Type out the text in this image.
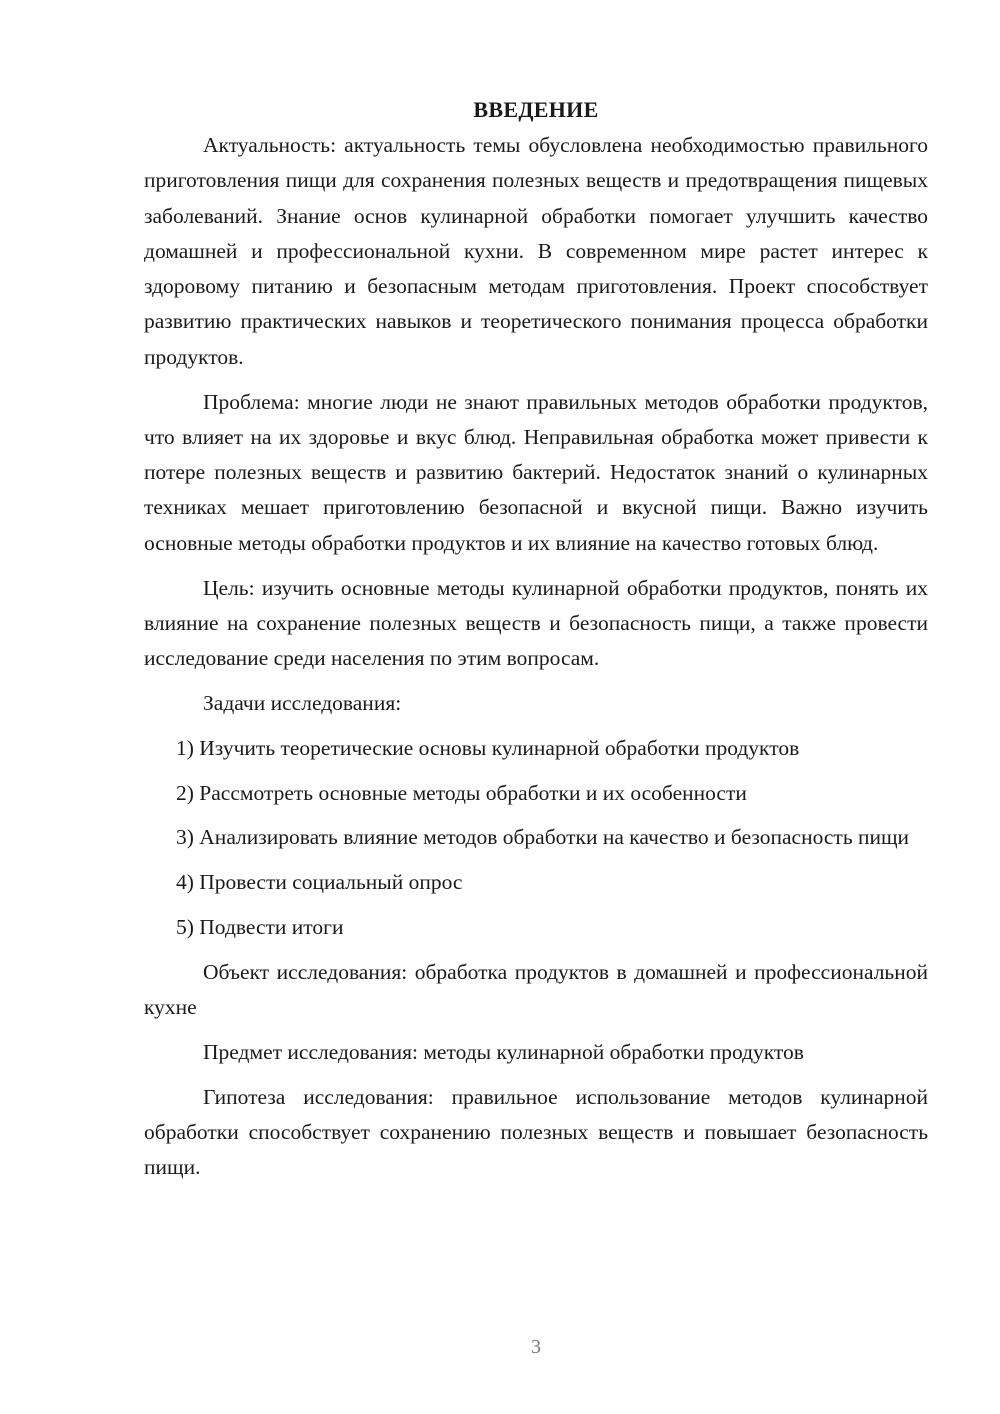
ВВЕДЕНИЕ

Актуальность: актуальность темы обусловлена необходимостью правильного приготовления пищи для сохранения полезных веществ и предотвращения пищевых заболеваний. Знание основ кулинарной обработки помогает улучшить качество домашней и профессиональной кухни. В современном мире растет интерес к здоровому питанию и безопасным методам приготовления. Проект способствует развитию практических навыков и теоретического понимания процесса обработки продуктов.

Проблема: многие люди не знают правильных методов обработки продуктов, что влияет на их здоровье и вкус блюд. Неправильная обработка может привести к потере полезных веществ и развитию бактерий. Недостаток знаний о кулинарных техниках мешает приготовлению безопасной и вкусной пищи. Важно изучить основные методы обработки продуктов и их влияние на качество готовых блюд.

Цель: изучить основные методы кулинарной обработки продуктов, понять их влияние на сохранение полезных веществ и безопасность пищи, а также провести исследование среди населения по этим вопросам.

Задачи исследования:

1) Изучить теоретические основы кулинарной обработки продуктов

2) Рассмотреть основные методы обработки и их особенности

3) Анализировать влияние методов обработки на качество и безопасность пищи

4) Провести социальный опрос

5) Подвести итоги

Объект исследования: обработка продуктов в домашней и профессиональной кухне

Предмет исследования: методы кулинарной обработки продуктов

Гипотеза исследования: правильное использование методов кулинарной обработки способствует сохранению полезных веществ и повышает безопасность пищи.

3
